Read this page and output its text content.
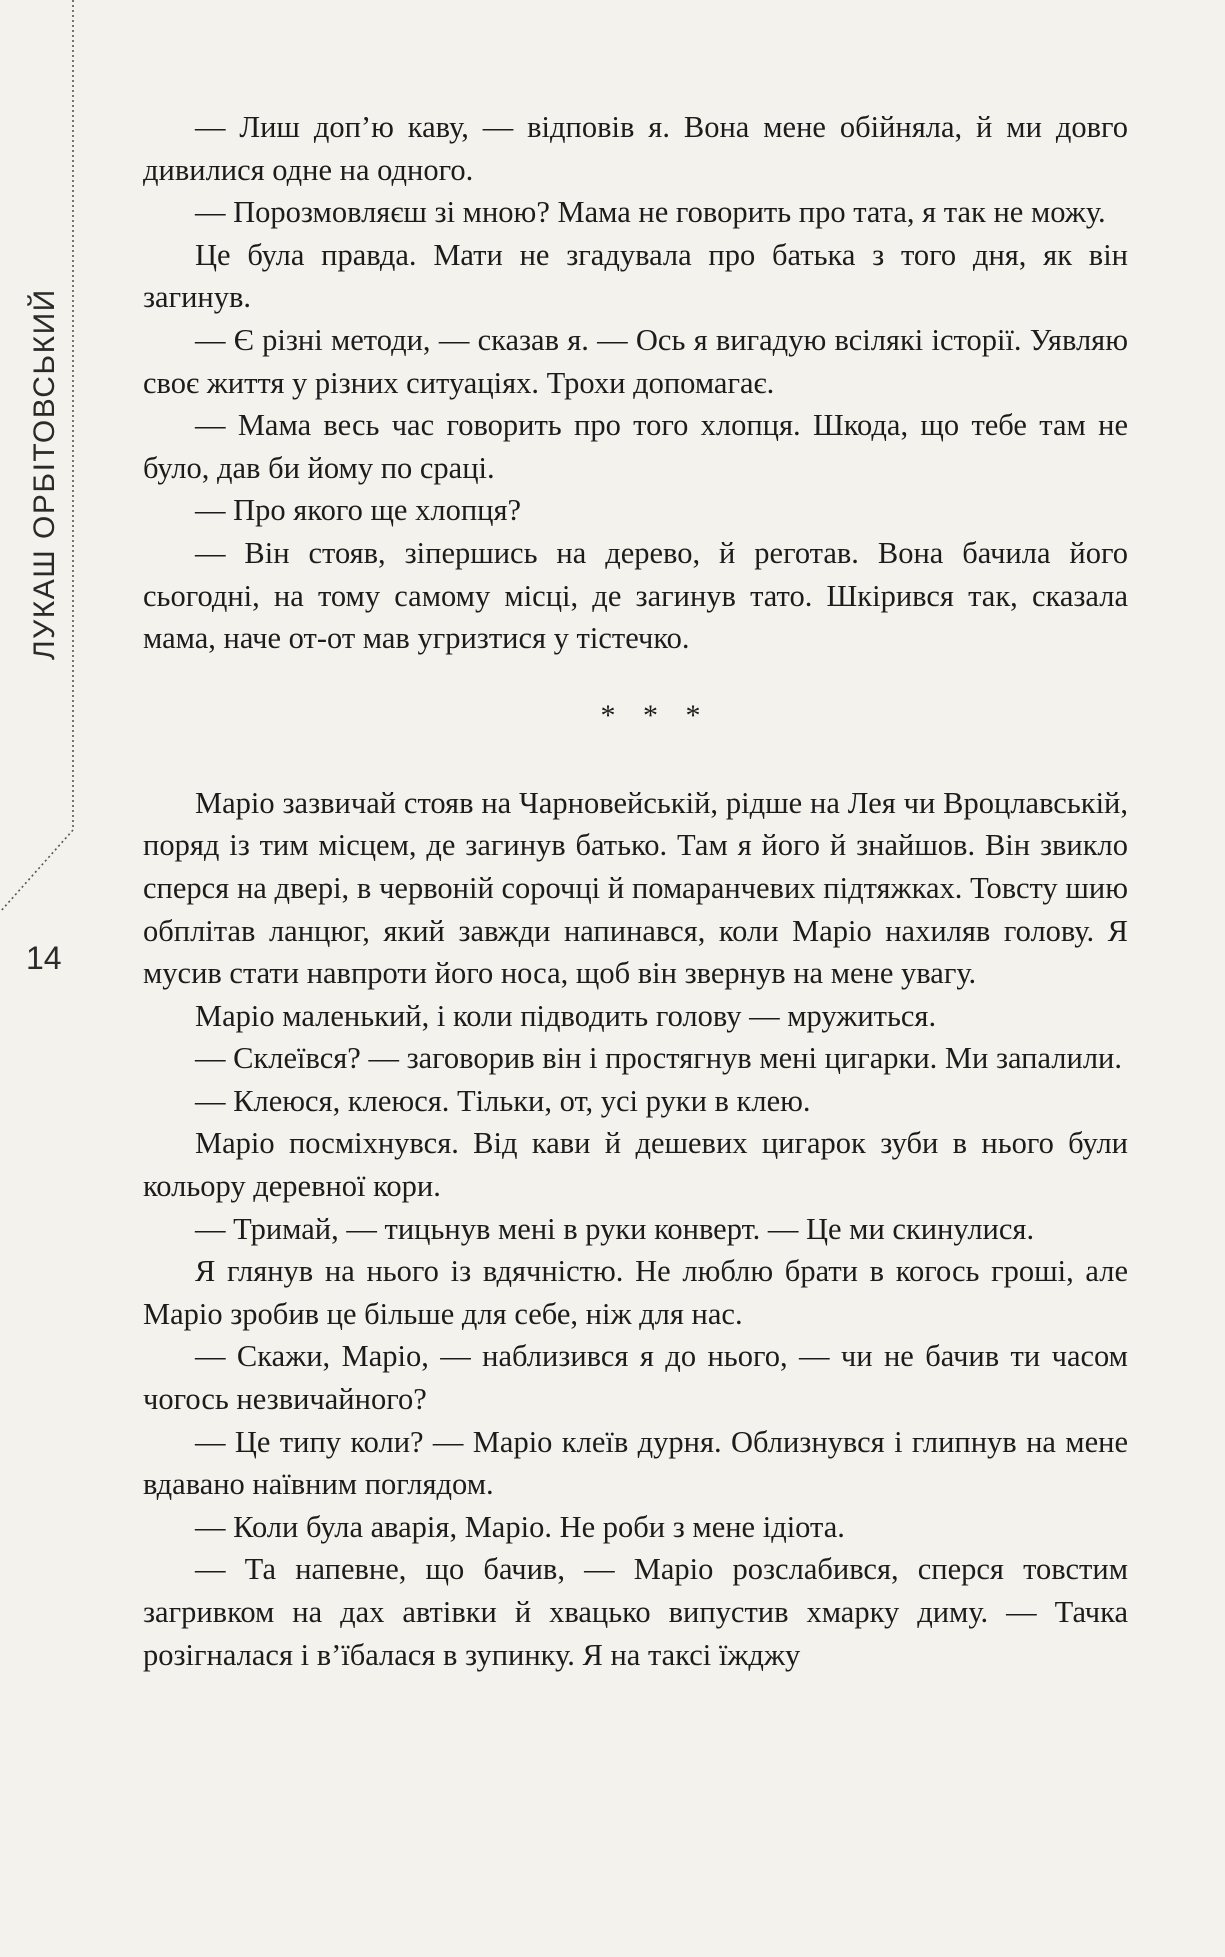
ЛУКАШ ОРБІТОВСЬКИЙ
14

— Лиш доп’ю каву, — відповів я. Вона мене обійняла, й ми довго дивилися одне на одного.

— Порозмовляєш зі мною? Мама не говорить про тата, я так не можу.

Це була правда. Мати не згадувала про батька з того дня, як він загинув.

— Є різні методи, — сказав я. — Ось я вигадую всілякі історії. Уявляю своє життя у різних ситуаціях. Трохи допомагає.

— Мама весь час говорить про того хлопця. Шкода, що тебе там не було, дав би йому по сраці.

— Про якого ще хлопця?

— Він стояв, зіпершись на дерево, й реготав. Вона бачила його сьогодні, на тому самому місці, де загинув тато. Шкірився так, сказала мама, наче от-от мав угризтися у тістечко.

* * *

Маріо зазвичай стояв на Чарновейській, рідше на Лея чи Вроцлавській, поряд із тим місцем, де загинув батько. Там я його й знайшов. Він звикло сперся на двері, в червоній сорочці й помаранчевих підтяжках. Товсту шию обплітав ланцюг, який завжди напинався, коли Маріо нахиляв голову. Я мусив стати навпроти його носа, щоб він звернув на мене увагу.

Маріо маленький, і коли підводить голову — мружиться.

— Склеївся? — заговорив він і простягнув мені цигарки. Ми запалили.

— Клеюся, клеюся. Тільки, от, усі руки в клею.

Маріо посміхнувся. Від кави й дешевих цигарок зуби в нього були кольору деревної кори.

— Тримай, — тицьнув мені в руки конверт. — Це ми скинулися.

Я глянув на нього із вдячністю. Не люблю брати в когось гроші, але Маріо зробив це більше для себе, ніж для нас.

— Скажи, Маріо, — наблизився я до нього, — чи не бачив ти часом чогось незвичайного?

— Це типу коли? — Маріо клеїв дурня. Облизнувся і глипнув на мене вдавано наївним поглядом.

— Коли була аварія, Маріо. Не роби з мене ідіота.

— Та напевне, що бачив, — Маріо розслабився, сперся товстим загривком на дах автівки й хвацько випустив хмарку диму. — Тачка розігналася і в’їбалася в зупинку. Я на таксі їжджу
